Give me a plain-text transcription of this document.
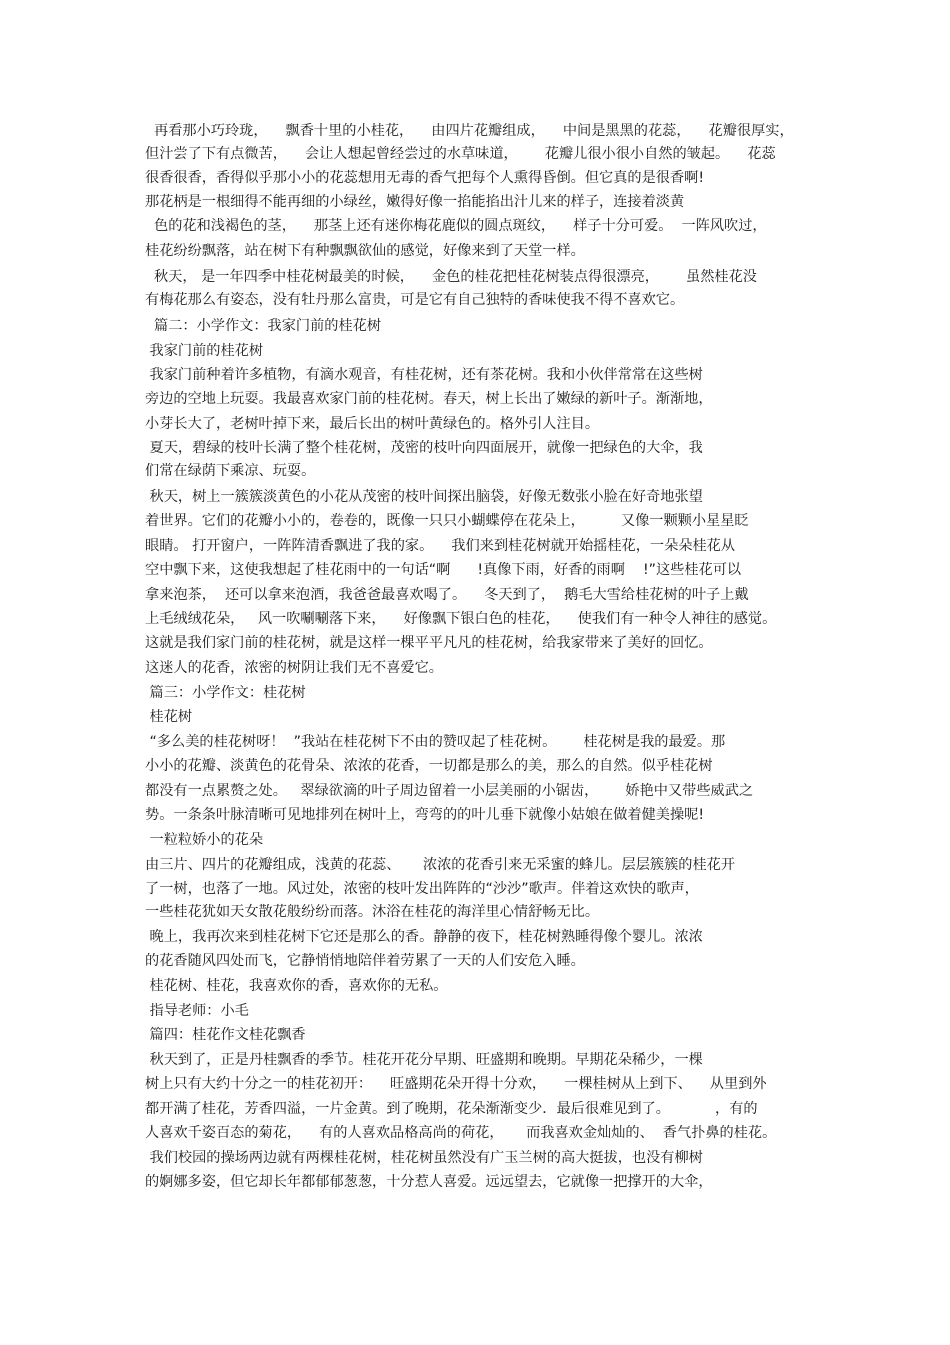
再看那小巧玲珑，    飘香十里的小桂花，    由四片花瓣组成，    中间是黑黑的花蕊，    花瓣很厚实，
但汁尝了下有点微苦，    会让人想起曾经尝过的水草味道，      花瓣儿很小很小自然的皱起。    花蕊
很香很香，香得似乎那小小的花蕊想用无毒的香气把每个人熏得昏倒。但它真的是很香啊!
那花柄是一根细得不能再细的小绿丝，嫩得好像一掐能掐出汁儿来的样子，连接着淡黄
色的花和浅褐色的茎，    那茎上还有迷你梅花鹿似的圆点斑纹，    样子十分可爱。  一阵风吹过，
桂花纷纷飘落，站在树下有种飘飘欲仙的感觉，好像来到了天堂一样。
秋天， 是一年四季中桂花树最美的时候，    金色的桂花把桂花树装点得很漂亮，      虽然桂花没
有梅花那么有姿态，没有牡丹那么富贵，可是它有自己独特的香味使我不得不喜欢它。
篇二：小学作文：我家门前的桂花树
我家门前的桂花树
我家门前种着许多植物，有滴水观音，有桂花树，还有茶花树。我和小伙伴常常在这些树
旁边的空地上玩耍。我最喜欢家门前的桂花树。春天，树上长出了嫩绿的新叶子。渐渐地，
小芽长大了，老树叶掉下来，最后长出的树叶黄绿色的。格外引人注目。
夏天，碧绿的枝叶长满了整个桂花树，茂密的枝叶向四面展开，就像一把绿色的大伞，我
们常在绿荫下乘凉、玩耍。
秋天，树上一簇簇淡黄色的小花从茂密的枝叶间探出脑袋，好像无数张小脸在好奇地张望
着世界。它们的花瓣小小的，卷卷的，既像一只只小蝴蝶停在花朵上，        又像一颗颗小星星眨
眼睛。 打开窗户，一阵阵清香飘进了我的家。    我们来到桂花树就开始摇桂花，一朵朵桂花从
空中飘下来，这使我想起了桂花雨中的一句话“啊      !真像下雨，好香的雨啊    !”这些桂花可以
拿来泡茶，  还可以拿来泡酒，我爸爸最喜欢喝了。    冬天到了，  鹅毛大雪给桂花树的叶子上戴
上毛绒绒花朵，   风一吹唰唰落下来，    好像飘下银白色的桂花，    使我们有一种令人神往的感觉。
这就是我们家门前的桂花树，就是这样一棵平平凡凡的桂花树，给我家带来了美好的回忆。
这迷人的花香，浓密的树阴让我们无不喜爱它。
篇三：小学作文：桂花树
桂花树
“多么美的桂花树呀！  ”我站在桂花树下不由的赞叹起了桂花树。      桂花树是我的最爱。那
小小的花瓣、淡黄色的花骨朵、浓浓的花香，一切都是那么的美，那么的自然。似乎桂花树
都没有一点累赘之处。   翠绿欲滴的叶子周边留着一小层美丽的小锯齿，      娇艳中又带些威武之
势。一条条叶脉清晰可见地排列在树叶上，弯弯的的叶儿垂下就像小姑娘在做着健美操呢!
一粒粒娇小的花朵
由三片、四片的花瓣组成，浅黄的花蕊、     浓浓的花香引来无采蜜的蜂儿。层层簇簇的桂花开
了一树，也落了一地。风过处，浓密的枝叶发出阵阵的“沙沙”歌声。伴着这欢快的歌声，
一些桂花犹如天女散花般纷纷而落。沐浴在桂花的海洋里心情舒畅无比。
晚上，我再次来到桂花树下它还是那么的香。静静的夜下，桂花树熟睡得像个婴儿。浓浓
的花香随风四处而飞，它静悄悄地陪伴着劳累了一天的人们安危入睡。
桂花树、桂花，我喜欢你的香，喜欢你的无私。
指导老师：小毛
篇四：桂花作文桂花飘香
秋天到了，正是丹桂飘香的季节。桂花开花分早期、旺盛期和晚期。早期花朵稀少，一棵
树上只有大约十分之一的桂花初开：    旺盛期花朵开得十分欢，    一棵桂树从上到下、    从里到外
都开满了桂花，芳香四溢，一片金黄。到了晚期，花朵渐渐变少．最后很难见到了。          ，有的
人喜欢千姿百态的菊花，    有的人喜欢品格高尚的荷花，     而我喜欢金灿灿的、  香气扑鼻的桂花。
我们校园的操场两边就有两棵桂花树，桂花树虽然没有广玉兰树的高大挺拔，也没有柳树
的婀娜多姿，但它却长年都郁郁葱葱，十分惹人喜爱。远远望去，它就像一把撑开的大伞，
